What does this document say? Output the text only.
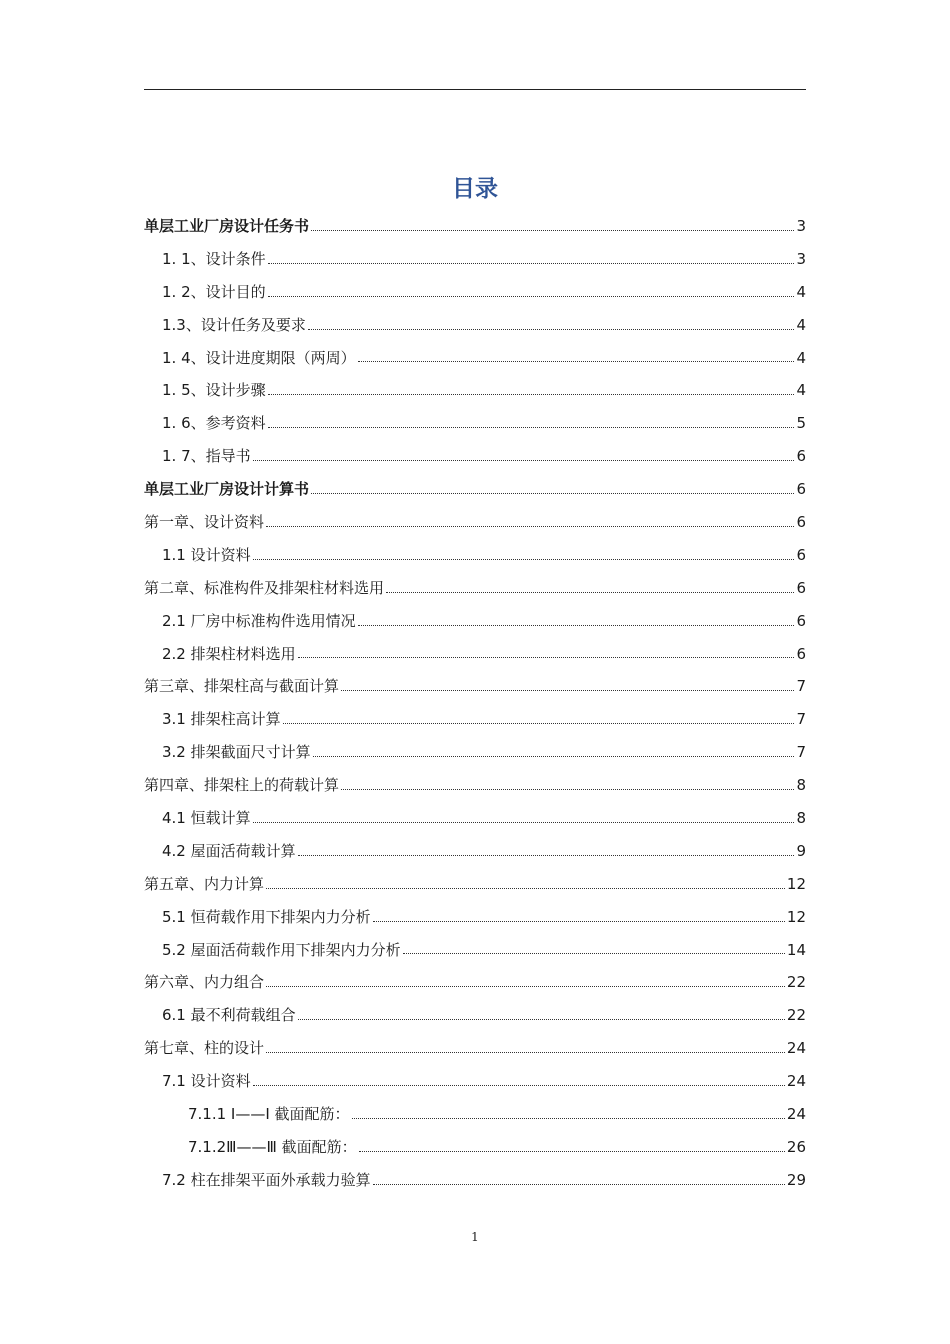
目录
单层工业厂房设计任务书	3
1. 1、设计条件	3
1. 2、设计目的	4
1.3、设计任务及要求	4
1. 4、设计进度期限（两周）	4
1. 5、设计步骤	4
1. 6、参考资料	5
1. 7、指导书	6
单层工业厂房设计计算书	6
第一章、设计资料	6
1.1 设计资料	6
第二章、标准构件及排架柱材料选用	6
2.1 厂房中标准构件选用情况	6
2.2 排架柱材料选用	6
第三章、排架柱高与截面计算	7
3.1 排架柱高计算	7
3.2 排架截面尺寸计算	7
第四章、排架柱上的荷载计算	8
4.1 恒载计算	8
4.2 屋面活荷载计算	9
第五章、内力计算	12
5.1 恒荷载作用下排架内力分析	12
5.2 屋面活荷载作用下排架内力分析	14
第六章、内力组合	22
6.1 最不利荷载组合	22
第七章、柱的设计	24
7.1 设计资料	24
7.1.1 Ⅰ——Ⅰ 截面配筋：	24
7.1.2Ⅲ——Ⅲ 截面配筋：	26
7.2 柱在排架平面外承载力验算	29
1
